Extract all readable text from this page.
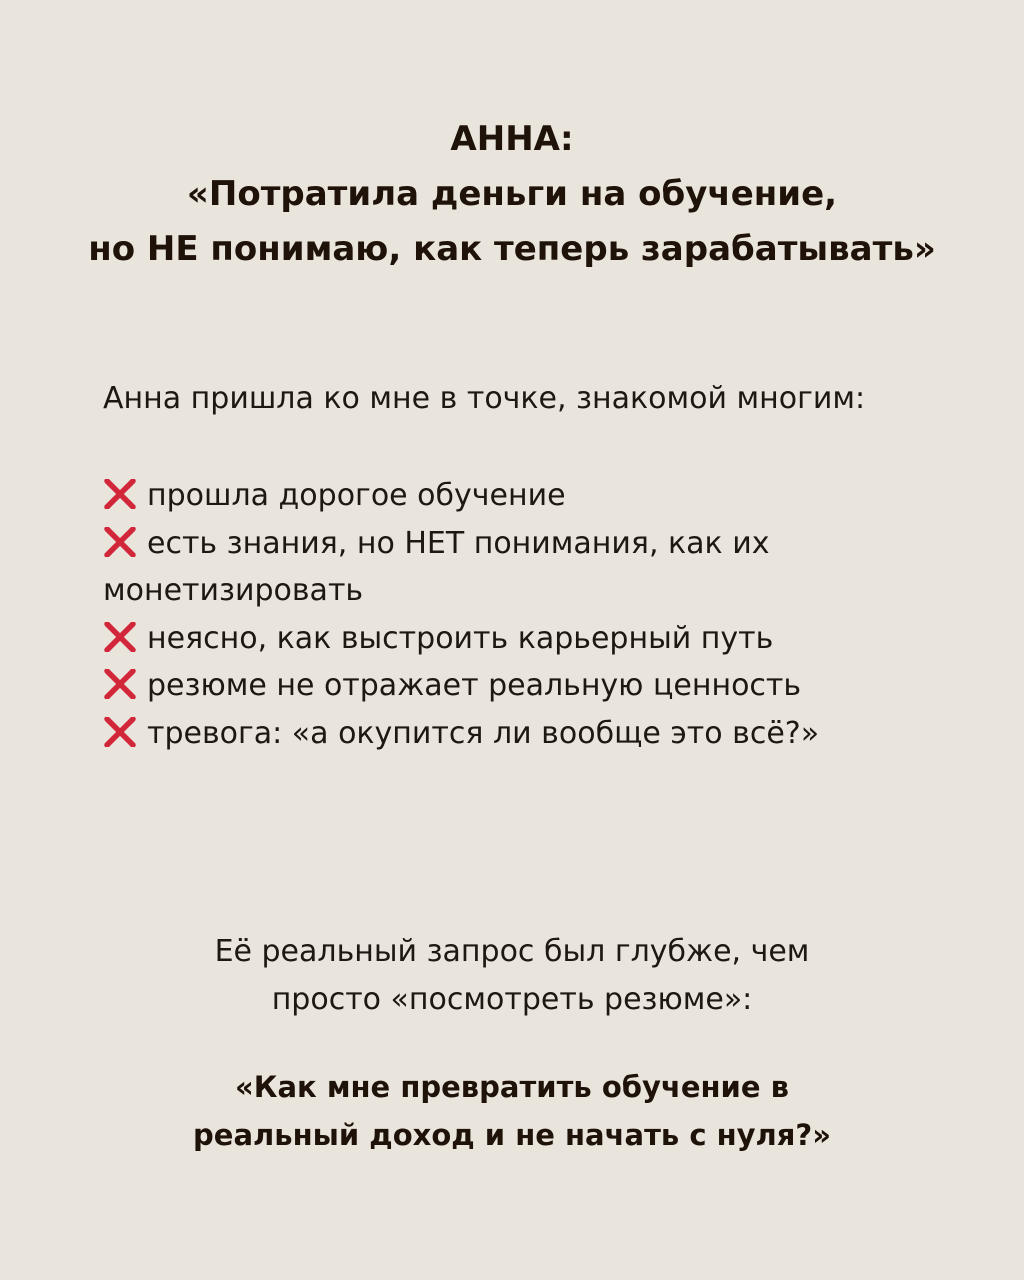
АННА:
«Потратила деньги на обучение,
но НЕ понимаю, как теперь зарабатывать»
Анна пришла ко мне в точке, знакомой многим:
прошла дорогое обучение
есть знания, но НЕТ понимания, как их
монетизировать
неясно, как выстроить карьерный путь
резюме не отражает реальную ценность
тревога: «а окупится ли вообще это всё?»
Её реальный запрос был глубже, чем
просто «посмотреть резюме»:
«Как мне превратить обучение в
реальный доход и не начать с нуля?»
